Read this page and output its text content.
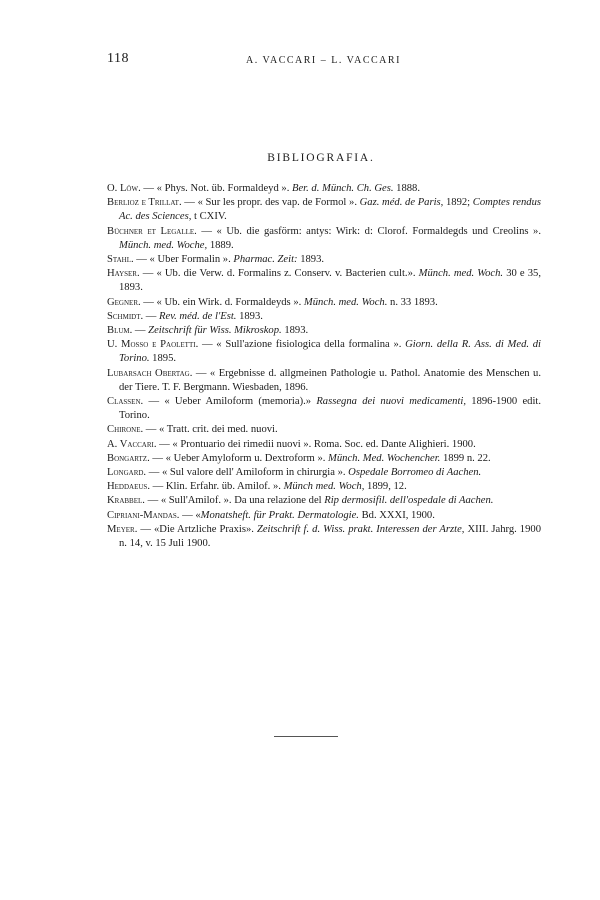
118	A. VACCARI – L. VACCARI
BIBLIOGRAFIA.

O. Löw. — « Phys. Not. üb. Formaldeyd ». Ber. d. Münch. Ch. Ges. 1888.

Berlioz e Trillat. — « Sur les propr. des vap. de Formol ». Gaz. méd. de Paris, 1892; Comptes rendus Ac. des Sciences, t CXIV.

Büchner et Legalle. — « Ub. die gasförm: antys: Wirk: d: Clorof. Formaldegds und Creolins ». Münch. med. Woche, 1889.

Stahl. — « Uber Formalin ». Pharmac. Zeit: 1893.

Hayser. — « Ub. die Verw. d. Formalins z. Conserv. v. Bacterien cult.». Münch. med. Woch. 30 e 35, 1893.

Gegner. — « Ub. ein Wirk. d. Formaldeyds ». Münch. med. Woch. n. 33 1893.

Schmidt. — Rev. méd. de l'Est. 1893.

Blum. — Zeitschrift für Wiss. Mikroskop. 1893.

U. Mosso e Paoletti. — « Sull'azione fisiologica della formalina ». Giorn. della R. Ass. di Med. di Torino. 1895.

Lubarsach Obertag. — « Ergebnisse d. allgmeinen Pathologie u. Pathol. Anatomie des Menschen u. der Tiere. T. F. Bergmann. Wiesbaden, 1896.

Classen. — « Ueber Amiloform (memoria).» Rassegna dei nuovi medicamenti, 1896-1900 edit. Torino.

Chirone. — « Tratt. crit. dei med. nuovi.

A. Vaccari. — « Prontuario dei rimedii nuovi ». Roma. Soc. ed. Dante Alighieri. 1900.

Bongartz. — « Ueber Amyloform u. Dextroform ». Münch. Med. Wochencher. 1899 n. 22.

Longard. — « Sul valore dell' Amiloform in chirurgia ». Ospedale Borromeo di Aachen.

Heddaeus. — Klin. Erfahr. üb. Amilof. ». Münch med. Woch, 1899, 12.

Krabbel. — « Sull'Amilof. ». Da una relazione del Rip dermosifil. dell'ospedale di Aachen.

Cipriani-Mandas. — «Monatsheft. für Prakt. Dermatologie. Bd. XXXI, 1900.

Meyer. — «Die Artzliche Praxis». Zeitschrift f. d. Wiss. prakt. Interessen der Arzte, XIII. Jahrg. 1900 n. 14, v. 15 Juli 1900.
